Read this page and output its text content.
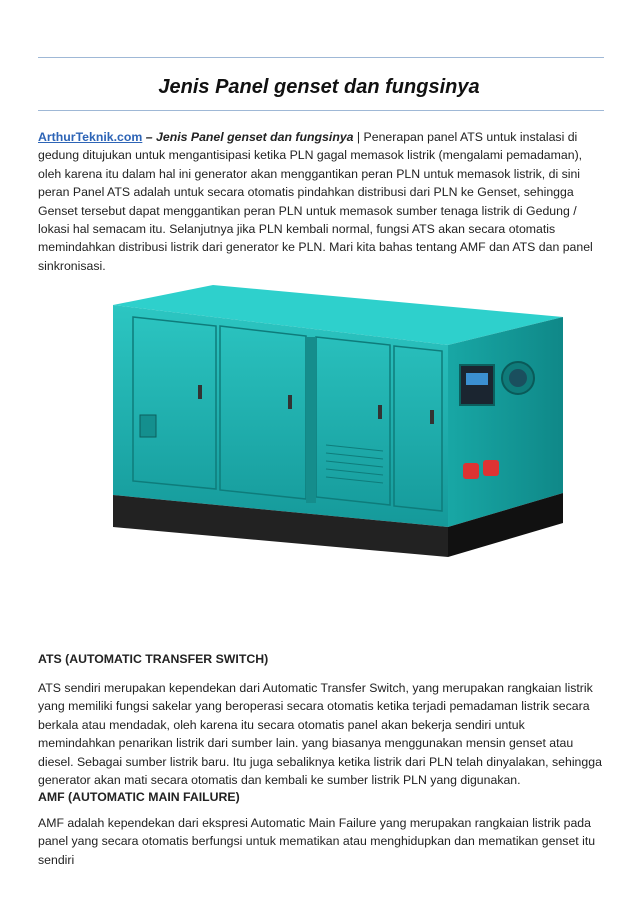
Jenis Panel genset dan fungsinya

ArthurTeknik.com – Jenis Panel genset dan fungsinya | Penerapan panel ATS untuk instalasi di gedung ditujukan untuk mengantisipasi ketika PLN gagal memasok listrik (mengalami pemadaman), oleh karena itu dalam hal ini generator akan menggantikan peran PLN untuk memasok listrik, di sini peran Panel ATS adalah untuk secara otomatis pindahkan distribusi dari PLN ke Genset, sehingga Genset tersebut dapat menggantikan peran PLN untuk memasok sumber tenaga listrik di Gedung / lokasi hal semacam itu. Selanjutnya jika PLN kembali normal, fungsi ATS akan secara otomatis memindahkan distribusi listrik dari generator ke PLN. Mari kita bahas tentang AMF dan ATS dan panel sinkronisasi.

ATS (AUTOMATIC TRANSFER SWITCH)

ATS sendiri merupakan kependekan dari Automatic Transfer Switch, yang merupakan rangkaian listrik yang memiliki fungsi sakelar yang beroperasi secara otomatis ketika terjadi pemadaman listrik secara berkala atau mendadak, oleh karena itu secara otomatis panel akan bekerja sendiri untuk memindahkan penarikan listrik dari sumber lain. yang biasanya menggunakan mensin genset atau diesel. Sebagai sumber listrik baru. Itu juga sebaliknya ketika listrik dari PLN telah dinyalakan, sehingga generator akan mati secara otomatis dan kembali ke sumber listrik PLN yang digunakan.

AMF (AUTOMATIC MAIN FAILURE)

AMF adalah kependekan dari ekspresi Automatic Main Failure yang merupakan rangkaian listrik pada panel yang secara otomatis berfungsi untuk mematikan atau menghidupkan dan mematikan genset itu sendiri
